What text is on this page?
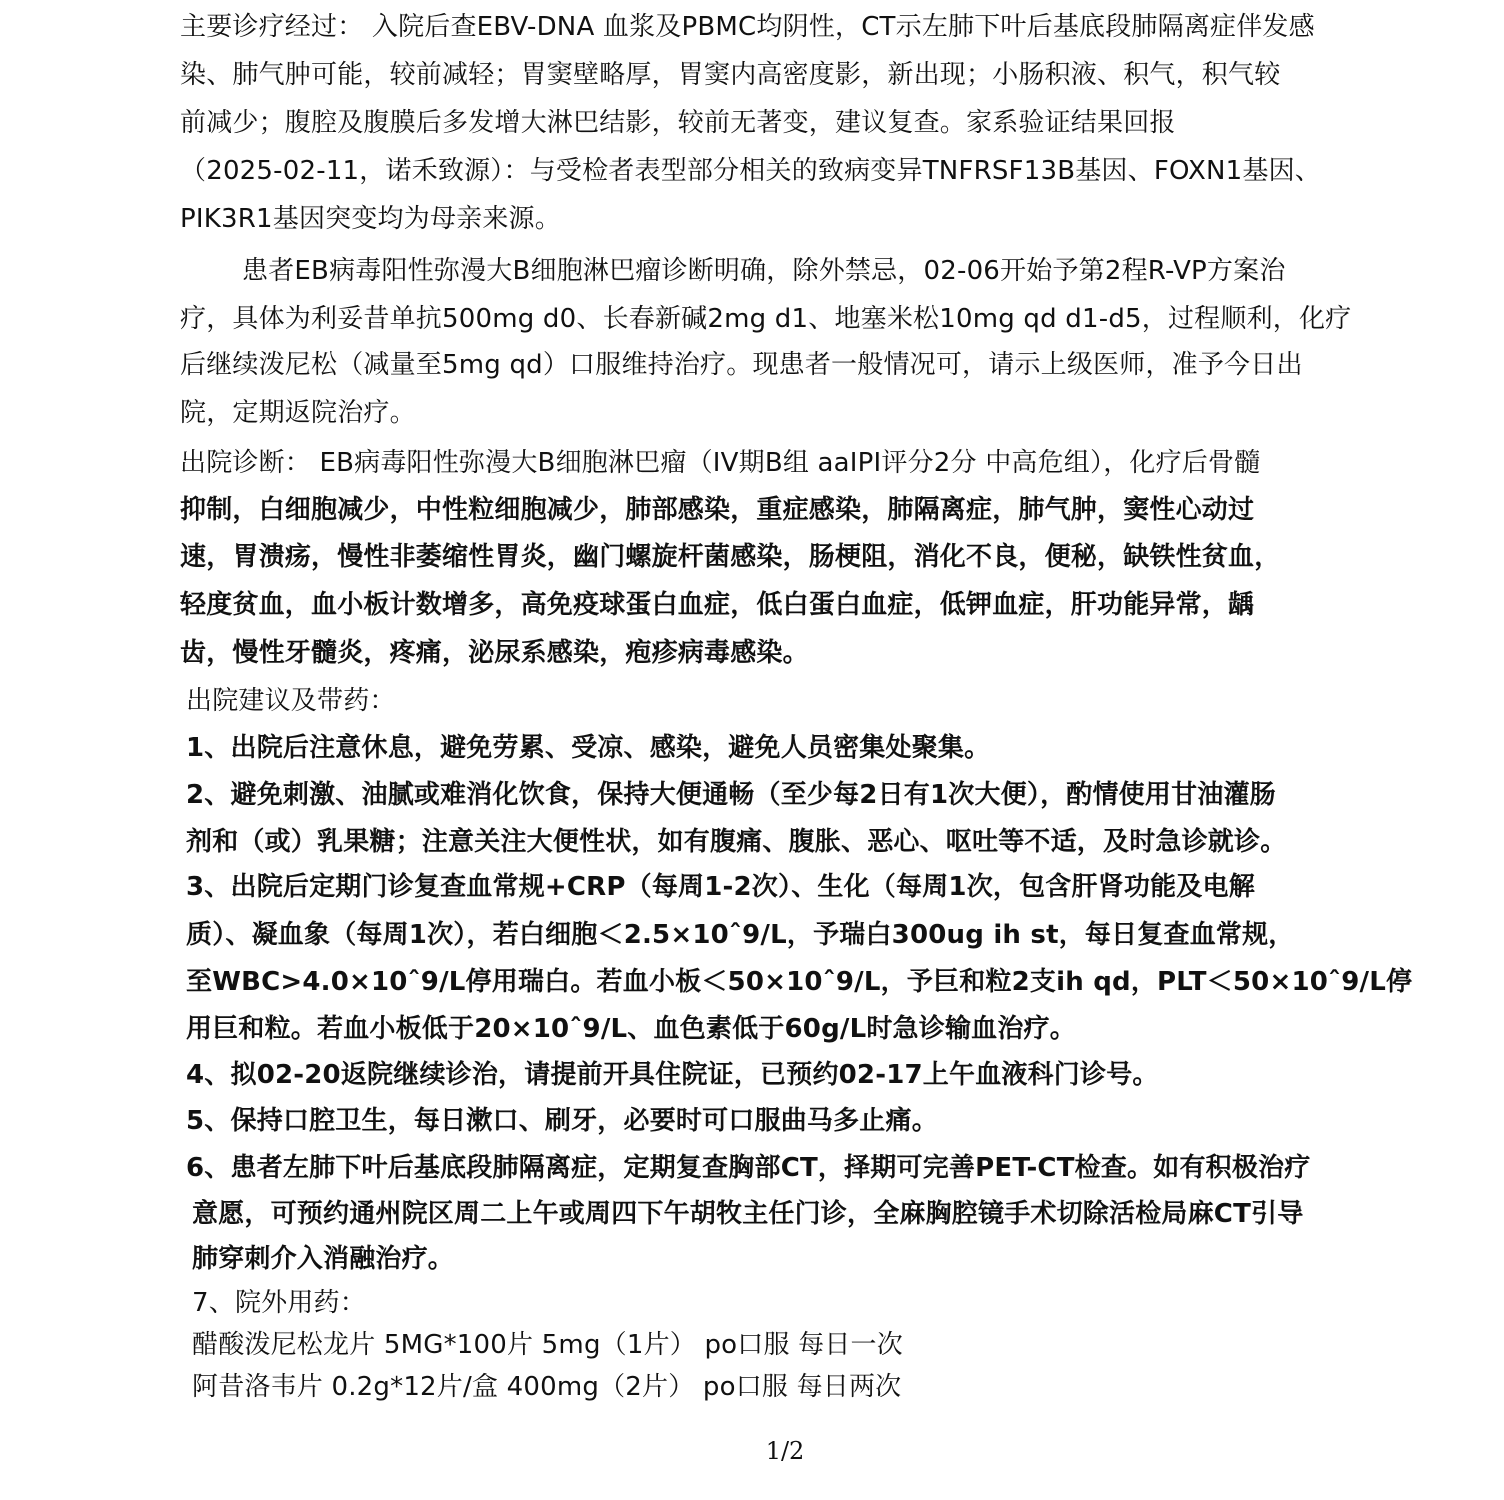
主要诊疗经过： 入院后查EBV-DNA 血浆及PBMC均阴性，CT示左肺下叶后基底段肺隔离症伴发感
染、肺气肿可能，较前减轻；胃窦壁略厚，胃窦内高密度影，新出现；小肠积液、积气，积气较
前减少；腹腔及腹膜后多发增大淋巴结影，较前无著变，建议复查。家系验证结果回报
（2025-02-11，诺禾致源）：与受检者表型部分相关的致病变异TNFRSF13B基因、FOXN1基因、
PIK3R1基因突变均为母亲来源。
患者EB病毒阳性弥漫大B细胞淋巴瘤诊断明确，除外禁忌，02-06开始予第2程R-VP方案治
疗，具体为利妥昔单抗500mg d0、长春新碱2mg d1、地塞米松10mg qd d1-d5，过程顺利，化疗
后继续泼尼松（减量至5mg qd）口服维持治疗。现患者一般情况可，请示上级医师，准予今日出
院，定期返院治疗。
出院诊断： EB病毒阳性弥漫大B细胞淋巴瘤（IV期B组 aaIPI评分2分 中高危组），化疗后骨髓
抑制，白细胞减少，中性粒细胞减少，肺部感染，重症感染，肺隔离症，肺气肿，窦性心动过
速，胃溃疡，慢性非萎缩性胃炎，幽门螺旋杆菌感染，肠梗阻，消化不良，便秘，缺铁性贫血，
轻度贫血，血小板计数增多，高免疫球蛋白血症，低白蛋白血症，低钾血症，肝功能异常，龋
齿，慢性牙髓炎，疼痛，泌尿系感染，疱疹病毒感染。
出院建议及带药：
1、出院后注意休息，避免劳累、受凉、感染，避免人员密集处聚集。
2、避免刺激、油腻或难消化饮食，保持大便通畅（至少每2日有1次大便），酌情使用甘油灌肠
剂和（或）乳果糖；注意关注大便性状，如有腹痛、腹胀、恶心、呕吐等不适，及时急诊就诊。
3、出院后定期门诊复查血常规+CRP（每周1-2次）、生化（每周1次，包含肝肾功能及电解
质）、凝血象（每周1次），若白细胞＜2.5×10ˆ9/L，予瑞白300ug ih st，每日复查血常规，
至WBC>4.0×10ˆ9/L停用瑞白。若血小板＜50×10ˆ9/L，予巨和粒2支ih qd，PLT＜50×10ˆ9/L停
用巨和粒。若血小板低于20×10ˆ9/L、血色素低于60g/L时急诊输血治疗。
4、拟02-20返院继续诊治，请提前开具住院证，已预约02-17上午血液科门诊号。
5、保持口腔卫生，每日漱口、刷牙，必要时可口服曲马多止痛。
6、患者左肺下叶后基底段肺隔离症，定期复查胸部CT，择期可完善PET-CT检查。如有积极治疗
意愿，可预约通州院区周二上午或周四下午胡牧主任门诊，全麻胸腔镜手术切除活检局麻CT引导
肺穿刺介入消融治疗。
7、院外用药：
醋酸泼尼松龙片 5MG*100片 5mg（1片） po口服 每日一次
阿昔洛韦片 0.2g*12片/盒 400mg（2片） po口服 每日两次
1/2
